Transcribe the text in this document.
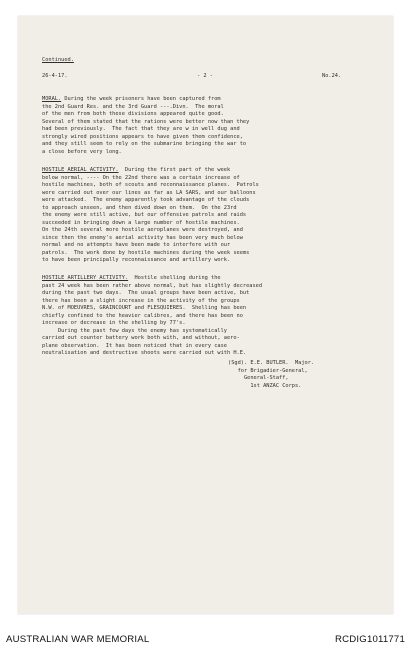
Continued.
26-4-17.	- 2 -	No.24.
MORAL. During the week prisoners have been captured from
the 2nd Guard Res. and the 3rd Guard ---.Divn.  The moral
of the men from both these divisions appeared quite good.
Several of them stated that the rations were better now than they
had been previously.  The fact that they are w in well dug and
strongly wired positions appears to have given them confidence,
and they still seem to rely on the submarine bringing the war to
a close before very long.
HOSTILE AERIAL ACTIVITY.  During the first part of the week
below normal, ---- On the 22nd there was a certain increase of
hostile machines, both of scouts and reconnaissance planes.  Patrols
were carried out over our lines as far as LA SARS, and our balloons
were attacked.  The enemy apparently took advantage of the clouds
to approach unseen, and then dived down on them.  On the 23rd
the enemy were still active, but our offensive patrols and raids
succeeded in bringing down a large number of hostile machines.
On the 24th several more hostile aeroplanes were destroyed, and
since then the enemy's aerial activity has been very much below
normal and no attempts have been made to interfere with our
patrols.  The work done by hostile machines during the week seems
to have been principally reconnaissance and artillery work.
HOSTILE ARTILLERY ACTIVITY.  Hostile shelling during the
past 24 week has been rather above normal, but has slightly decreased
during the past two days.  The usual groups have been active, but
there has been a slight increase in the activity of the groups
N.W. of MOEUVRES, GRAINCOURT and FLESQUIERES.  Shelling has been
chiefly confined to the heavier calibres, and there has been no
increase or decrease in the shelling by 77's.
During the past few days the enemy has systematically
carried out counter battery work both with, and without, aero-
plane observation.  It has been noticed that in every case
neutralisation and destructive shoots were carried out with H.E.
(Sgd). E.E. BUTLER.  Major.
for Brigadier-General,
General-Staff,
1st ANZAC Corps.
AUSTRALIAN WAR MEMORIAL	RCDIG1011771
